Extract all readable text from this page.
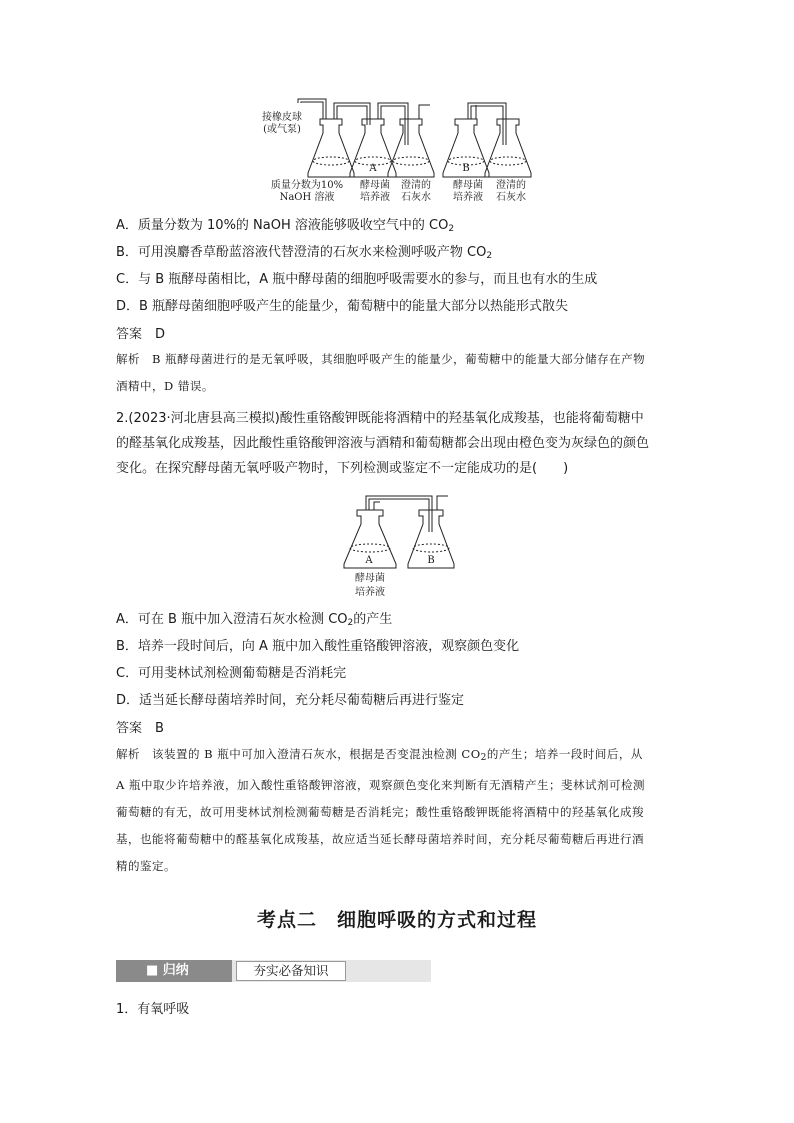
接橡皮球
(或气泵)
A	B
质量分数为10%
NaOH 溶液
酵母菌
培养液
澄清的
石灰水
酵母菌
培养液
澄清的
石灰水
A．质量分数为 10%的 NaOH 溶液能够吸收空气中的 $CO_2$
B．可用溴麝香草酚蓝溶液代替澄清的石灰水来检测呼吸产物 $CO_2$
C．与 B 瓶酵母菌相比，A 瓶中酵母菌的细胞呼吸需要水的参与，而且也有水的生成
D．B 瓶酵母菌细胞呼吸产生的能量少，葡萄糖中的能量大部分以热能形式散失
答案　D
解析　B 瓶酵母菌进行的是无氧呼吸，其细胞呼吸产生的能量少，葡萄糖中的能量大部分储存在产物酒精中，D 错误。
2.(2023·河北唐县高三模拟)酸性重铬酸钾既能将酒精中的羟基氧化成羧基，也能将葡萄糖中的醛基氧化成羧基，因此酸性重铬酸钾溶液与酒精和葡萄糖都会出现由橙色变为灰绿色的颜色变化。在探究酵母菌无氧呼吸产物时，下列检测或鉴定不一定能成功的是(　　)
A	B
酵母菌
培养液
A．可在 B 瓶中加入澄清石灰水检测 $CO_2$的产生
B．培养一段时间后，向 A 瓶中加入酸性重铬酸钾溶液，观察颜色变化
C．可用斐林试剂检测葡萄糖是否消耗完
D．适当延长酵母菌培养时间，充分耗尽葡萄糖后再进行鉴定
答案　B
解析　该装置的 B 瓶中可加入澄清石灰水，根据是否变混浊检测 $CO_2$的产生；培养一段时间后，从 A 瓶中取少许培养液，加入酸性重铬酸钾溶液，观察颜色变化来判断有无酒精产生；斐林试剂可检测葡萄糖的有无，故可用斐林试剂检测葡萄糖是否消耗完；酸性重铬酸钾既能将酒精中的羟基氧化成羧基，也能将葡萄糖中的醛基氧化成羧基，故应适当延长酵母菌培养时间，充分耗尽葡萄糖后再进行酒精的鉴定。
考点二　细胞呼吸的方式和过程
■ 归纳	夯实必备知识
1．有氧呼吸
